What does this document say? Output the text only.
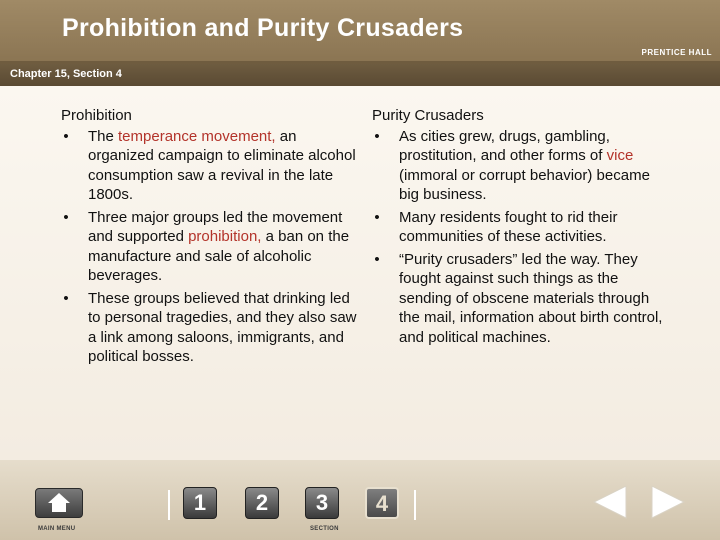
Prohibition and Purity Crusaders
PRENTICE HALL
Chapter 15, Section 4
Prohibition
• The temperance movement, an organized campaign to eliminate alcohol consumption saw a revival in the late 1800s.
• Three major groups led the movement and supported prohibition, a ban on the manufacture and sale of alcoholic beverages.
• These groups believed that drinking led to personal tragedies, and they also saw a link among saloons, immigrants, and political bosses.
Purity Crusaders
• As cities grew, drugs, gambling, prostitution, and other forms of vice (immoral or corrupt behavior) became big business.
• Many residents fought to rid their communities of these activities.
• “Purity crusaders” led the way. They fought against such things as the sending of obscene materials through the mail, information about birth control, and political machines.
MAIN MENU
1	2	3	4
SECTION
